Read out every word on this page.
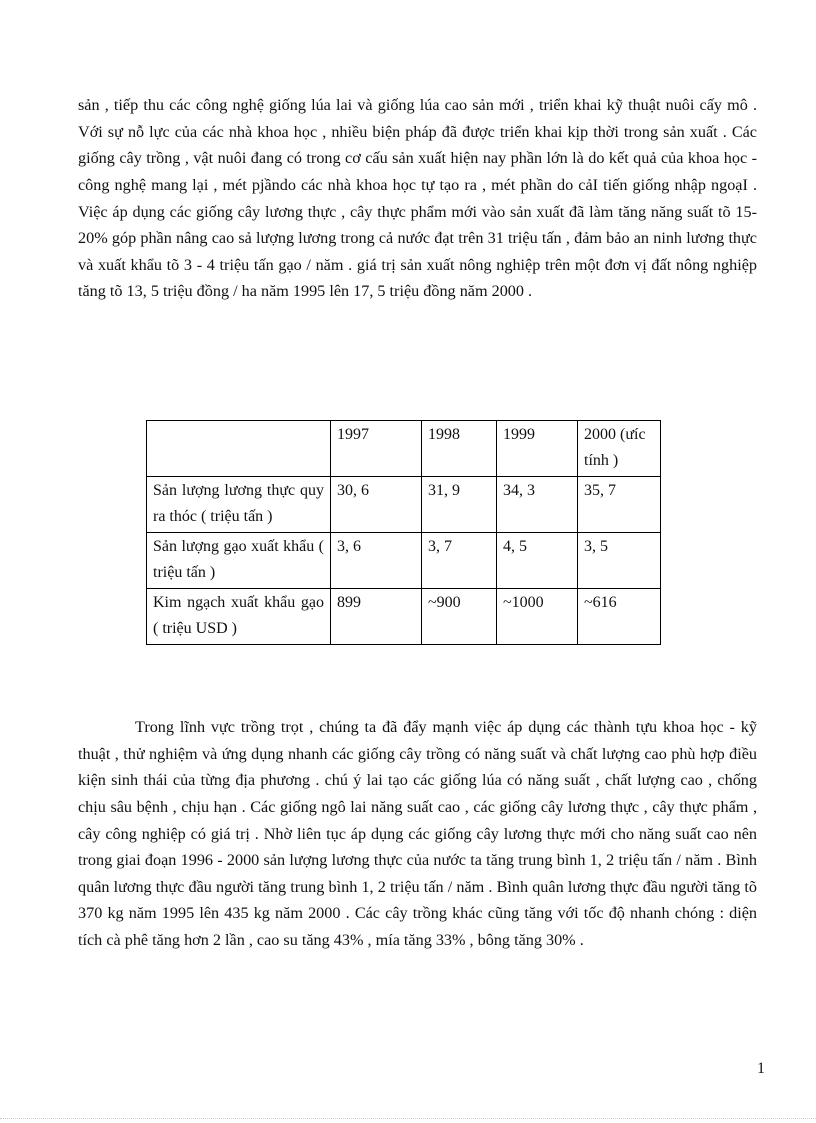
sản , tiếp thu các công nghệ giống lúa lai và giống lúa cao sản mới , triển khai kỹ thuật nuôi cấy mô . Với sự nỗ lực của các nhà khoa học , nhiều biện pháp đã được triển khai kịp thời trong sản xuất . Các giống cây trồng , vật nuôi đang có trong cơ cấu sản xuất hiện nay phần lớn là do kết quả của khoa học - công nghệ mang lại , mét pjầndo các nhà khoa học tự tạo ra , mét phần do cảI tiến giống nhập ngoạI . Việc áp dụng các giống cây lương thực , cây thực phẩm mới vào sản xuất đã làm tăng năng suất tõ 15-20% góp phần nâng cao sả lượng lương trong cả nước đạt trên 31 triệu tấn , đảm bảo an ninh lương thực và xuất khẩu tõ 3 - 4 triệu tấn gạo / năm . giá trị sản xuất nông nghiệp trên một đơn vị đất nông nghiệp tăng tõ 13, 5 triệu đồng / ha năm 1995 lên 17, 5 triệu đồng năm 2000 .

	1997	1998	1999	2000 (ưíc tính )
Sản lượng lương thực quy ra thóc ( triệu tấn )	30, 6	31, 9	34, 3	35, 7
Sản lượng gạo xuất khẩu ( triệu tấn )	3, 6	3, 7	4, 5	3, 5
Kim ngạch xuất khẩu gạo ( triệu USD )	899	~900	~1000	~616

Trong lĩnh vực trồng trọt , chúng ta đã đẩy mạnh việc áp dụng các thành tựu khoa học - kỹ thuật , thử nghiệm và ứng dụng nhanh các giống cây trồng có năng suất và chất lượng cao phù hợp điều kiện sinh thái của từng địa phương . chú ý lai tạo các giống lúa có năng suất , chất lượng cao , chống chịu sâu bệnh , chịu hạn . Các giống ngô lai năng suất cao , các giống cây lương thực , cây thực phẩm , cây công nghiệp có giá trị . Nhờ liên tục áp dụng các giống cây lương thực mới cho năng suất cao nên trong giai đoạn 1996 - 2000 sản lượng lương thực của nước ta tăng trung bình 1, 2 triệu tấn / năm . Bình quân lương thực đầu người tăng trung bình 1, 2 triệu tấn / năm . Bình quân lương thực đầu người tăng tõ 370 kg năm 1995 lên 435 kg năm 2000 . Các cây trồng khác cũng tăng với tốc độ nhanh chóng : diện tích cà phê tăng hơn 2 lần , cao su tăng 43% , mía tăng 33% , bông tăng 30% .

1
